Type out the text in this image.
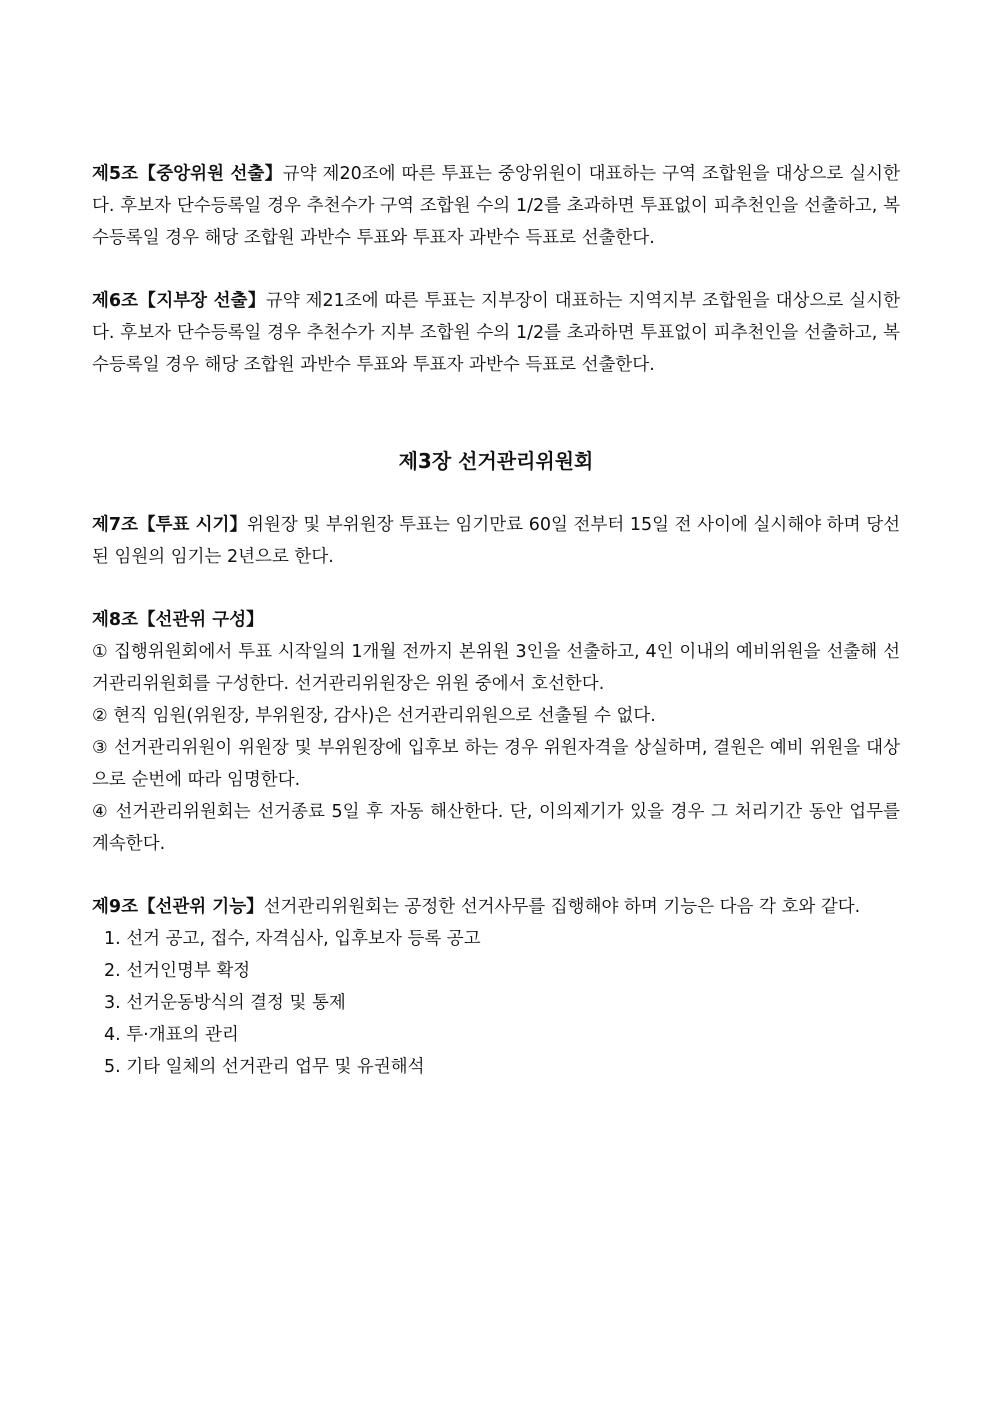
제5조【중앙위원 선출】규약 제20조에 따른 투표는 중앙위원이 대표하는 구역 조합원을 대상으로 실시한다. 후보자 단수등록일 경우 추천수가 구역 조합원 수의 1/2를 초과하면 투표없이 피추천인을 선출하고, 복수등록일 경우 해당 조합원 과반수 투표와 투표자 과반수 득표로 선출한다.

제6조【지부장 선출】규약 제21조에 따른 투표는 지부장이 대표하는 지역지부 조합원을 대상으로 실시한다. 후보자 단수등록일 경우 추천수가 지부 조합원 수의 1/2를 초과하면 투표없이 피추천인을 선출하고, 복수등록일 경우 해당 조합원 과반수 투표와 투표자 과반수 득표로 선출한다.

제3장 선거관리위원회

제7조【투표 시기】위원장 및 부위원장 투표는 임기만료 60일 전부터 15일 전 사이에 실시해야 하며 당선된 임원의 임기는 2년으로 한다.

제8조【선관위 구성】
① 집행위원회에서 투표 시작일의 1개월 전까지 본위원 3인을 선출하고, 4인 이내의 예비위원을 선출해 선거관리위원회를 구성한다. 선거관리위원장은 위원 중에서 호선한다.
② 현직 임원(위원장, 부위원장, 감사)은 선거관리위원으로 선출될 수 없다.
③ 선거관리위원이 위원장 및 부위원장에 입후보 하는 경우 위원자격을 상실하며, 결원은 예비 위원을 대상으로 순번에 따라 임명한다.
④ 선거관리위원회는 선거종료 5일 후 자동 해산한다. 단, 이의제기가 있을 경우 그 처리기간 동안 업무를 계속한다.

제9조【선관위 기능】선거관리위원회는 공정한 선거사무를 집행해야 하며 기능은 다음 각 호와 같다.

1. 선거 공고, 접수, 자격심사, 입후보자 등록 공고
2. 선거인명부 확정
3. 선거운동방식의 결정 및 통제
4. 투·개표의 관리
5. 기타 일체의 선거관리 업무 및 유권해석
